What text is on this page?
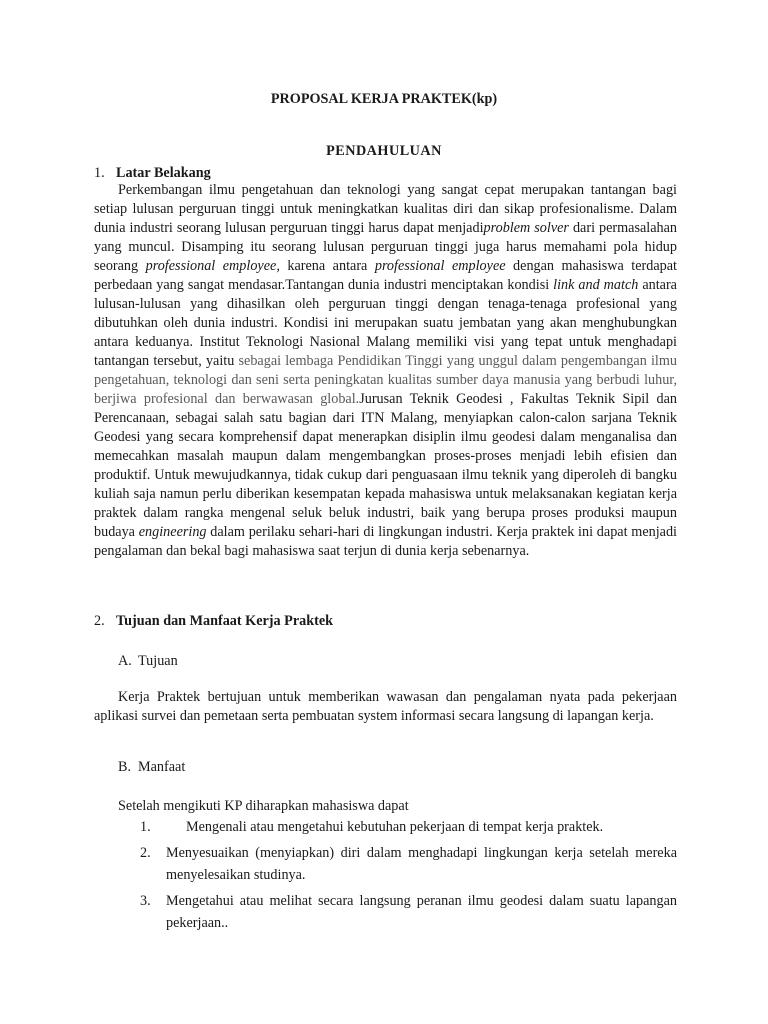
PROPOSAL KERJA PRAKTEK(kp)
PENDAHULUAN
1. Latar Belakang

Perkembangan ilmu pengetahuan dan teknologi yang sangat cepat merupakan tantangan bagi setiap lulusan perguruan tinggi untuk meningkatkan kualitas diri dan sikap profesionalisme. Dalam dunia industri seorang lulusan perguruan tinggi harus dapat menjadiproblem solver dari permasalahan yang muncul. Disamping itu seorang lulusan perguruan tinggi juga harus memahami pola hidup seorang professional employee, karena antara professional employee dengan mahasiswa terdapat perbedaan yang sangat mendasar.Tantangan dunia industri menciptakan kondisi link and match antara lulusan-lulusan yang dihasilkan oleh perguruan tinggi dengan tenaga-tenaga profesional yang dibutuhkan oleh dunia industri. Kondisi ini merupakan suatu jembatan yang akan menghubungkan antara keduanya. Institut Teknologi Nasional Malang memiliki visi yang tepat untuk menghadapi tantangan tersebut, yaitu sebagai lembaga Pendidikan Tinggi yang unggul dalam pengembangan ilmu pengetahuan, teknologi dan seni serta peningkatan kualitas sumber daya manusia yang berbudi luhur, berjiwa profesional dan berwawasan global.Jurusan Teknik Geodesi , Fakultas Teknik Sipil dan Perencanaan, sebagai salah satu bagian dari ITN Malang, menyiapkan calon-calon sarjana Teknik Geodesi yang secara komprehensif dapat menerapkan disiplin ilmu geodesi dalam menganalisa dan memecahkan masalah maupun dalam mengembangkan proses-proses menjadi lebih efisien dan produktif. Untuk mewujudkannya, tidak cukup dari penguasaan ilmu teknik yang diperoleh di bangku kuliah saja namun perlu diberikan kesempatan kepada mahasiswa untuk melaksanakan kegiatan kerja praktek dalam rangka mengenal seluk beluk industri, baik yang berupa proses produksi maupun budaya engineering dalam perilaku sehari-hari di lingkungan industri. Kerja praktek ini dapat menjadi pengalaman dan bekal bagi mahasiswa saat terjun di dunia kerja sebenarnya.

2. Tujuan dan Manfaat Kerja Praktek
A. Tujuan

Kerja Praktek bertujuan untuk memberikan wawasan dan pengalaman nyata pada pekerjaan aplikasi survei dan pemetaan serta pembuatan system informasi secara langsung di lapangan kerja.

B. Manfaat
Setelah mengikuti KP diharapkan mahasiswa dapat
1. Mengenali atau mengetahui kebutuhan pekerjaan di tempat kerja praktek.
2. Menyesuaikan (menyiapkan) diri dalam menghadapi lingkungan kerja setelah mereka menyelesaikan studinya.
3. Mengetahui atau melihat secara langsung peranan ilmu geodesi dalam suatu lapangan pekerjaan..
